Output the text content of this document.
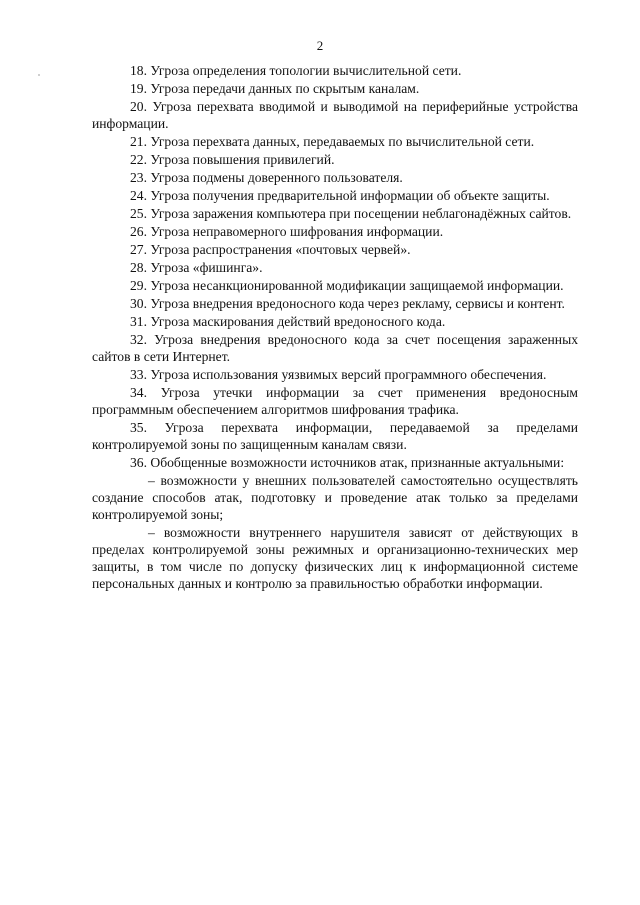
2

18. Угроза определения топологии вычислительной сети.

19. Угроза передачи данных по скрытым каналам.

20. Угроза перехвата вводимой и выводимой на периферийные устройства информации.

21. Угроза перехвата данных, передаваемых по вычислительной сети.

22. Угроза повышения привилегий.

23. Угроза подмены доверенного пользователя.

24. Угроза получения предварительной информации об объекте защиты.

25. Угроза заражения компьютера при посещении неблагонадёжных сайтов.

26. Угроза неправомерного шифрования информации.

27. Угроза распространения «почтовых червей».

28. Угроза «фишинга».

29. Угроза несанкционированной модификации защищаемой информации.

30. Угроза внедрения вредоносного кода через рекламу, сервисы и контент.

31. Угроза маскирования действий вредоносного кода.

32. Угроза внедрения вредоносного кода за счет посещения зараженных сайтов в сети Интернет.

33. Угроза использования уязвимых версий программного обеспечения.

34. Угроза утечки информации за счет применения вредоносным программным обеспечением алгоритмов шифрования трафика.

35. Угроза перехвата информации, передаваемой за пределами контролируемой зоны по защищенным каналам связи.

36. Обобщенные возможности источников атак, признанные актуальными:

– возможности у внешних пользователей самостоятельно осуществлять создание способов атак, подготовку и проведение атак только за пределами контролируемой зоны;

– возможности внутреннего нарушителя зависят от действующих в пределах контролируемой зоны режимных и организационно-технических мер защиты, в том числе по допуску физических лиц к информационной системе персональных данных и контролю за правильностью обработки информации.
